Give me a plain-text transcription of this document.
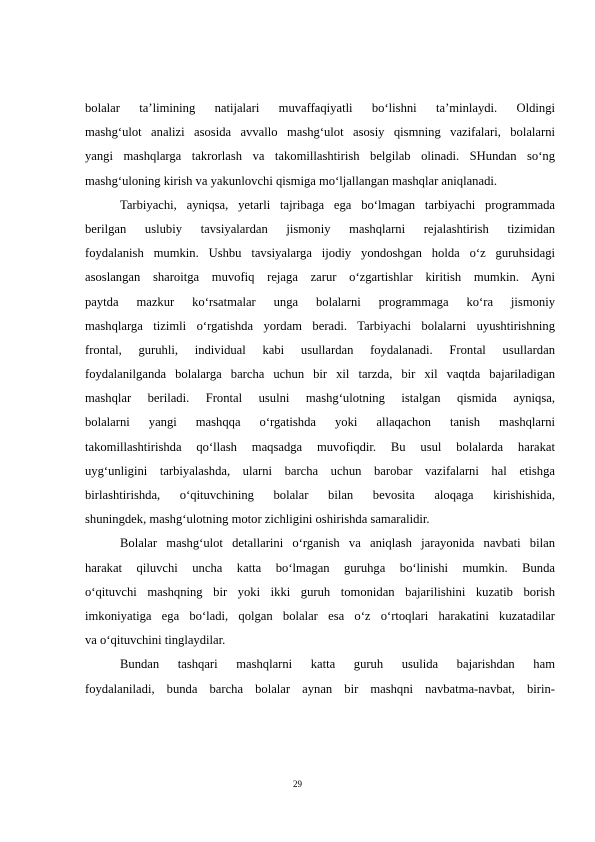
bolalar ta’limining natijalari muvaffaqiyatli bo‘lishni ta’minlaydi. Oldingi
mashg‘ulot analizi asosida avvallo mashg‘ulot asosiy qismning vazifalari, bolalarni
yangi mashqlarga takrorlash va takomillashtirish belgilab olinadi. SHundan so‘ng
mashg‘uloning kirish va yakunlovchi qismiga mo‘ljallangan mashqlar aniqlanadi.
Tarbiyachi, ayniqsa, yetarli tajribaga ega bo‘lmagan tarbiyachi programmada
berilgan uslubiy tavsiyalardan jismoniy mashqlarni rejalashtirish tizimidan
foydalanish mumkin. Ushbu tavsiyalarga ijodiy yondoshgan holda o‘z guruhsidagi
asoslangan sharoitga muvofiq rejaga zarur o‘zgartishlar kiritish mumkin. Ayni
paytda mazkur ko‘rsatmalar unga bolalarni programmaga ko‘ra jismoniy
mashqlarga tizimli o‘rgatishda yordam beradi. Tarbiyachi bolalarni uyushtirishning
frontal, guruhli, individual kabi usullardan foydalanadi. Frontal usullardan
foydalanilganda bolalarga barcha uchun bir xil tarzda, bir xil vaqtda bajariladigan
mashqlar beriladi. Frontal usulni mashg‘ulotning istalgan qismida ayniqsa,
bolalarni yangi mashqqa o‘rgatishda yoki allaqachon tanish mashqlarni
takomillashtirishda qo‘llash maqsadga muvofiqdir. Bu usul bolalarda harakat
uyg‘unligini tarbiyalashda, ularni barcha uchun barobar vazifalarni hal etishga
birlashtirishda, o‘qituvchining bolalar bilan bevosita aloqaga kirishishida,
shuningdek, mashg‘ulotning motor zichligini oshirishda samaralidir.
Bolalar mashg‘ulot detallarini o‘rganish va aniqlash jarayonida navbati bilan
harakat qiluvchi uncha katta bo‘lmagan guruhga bo‘linishi mumkin. Bunda
o‘qituvchi mashqning bir yoki ikki guruh tomonidan bajarilishini kuzatib borish
imkoniyatiga ega bo‘ladi, qolgan bolalar esa o‘z o‘rtoqlari harakatini kuzatadilar
va o‘qituvchini tinglaydilar.
Bundan tashqari mashqlarni katta guruh usulida bajarishdan ham
foydalaniladi, bunda barcha bolalar aynan bir mashqni navbatma-navbat, birin-
29
